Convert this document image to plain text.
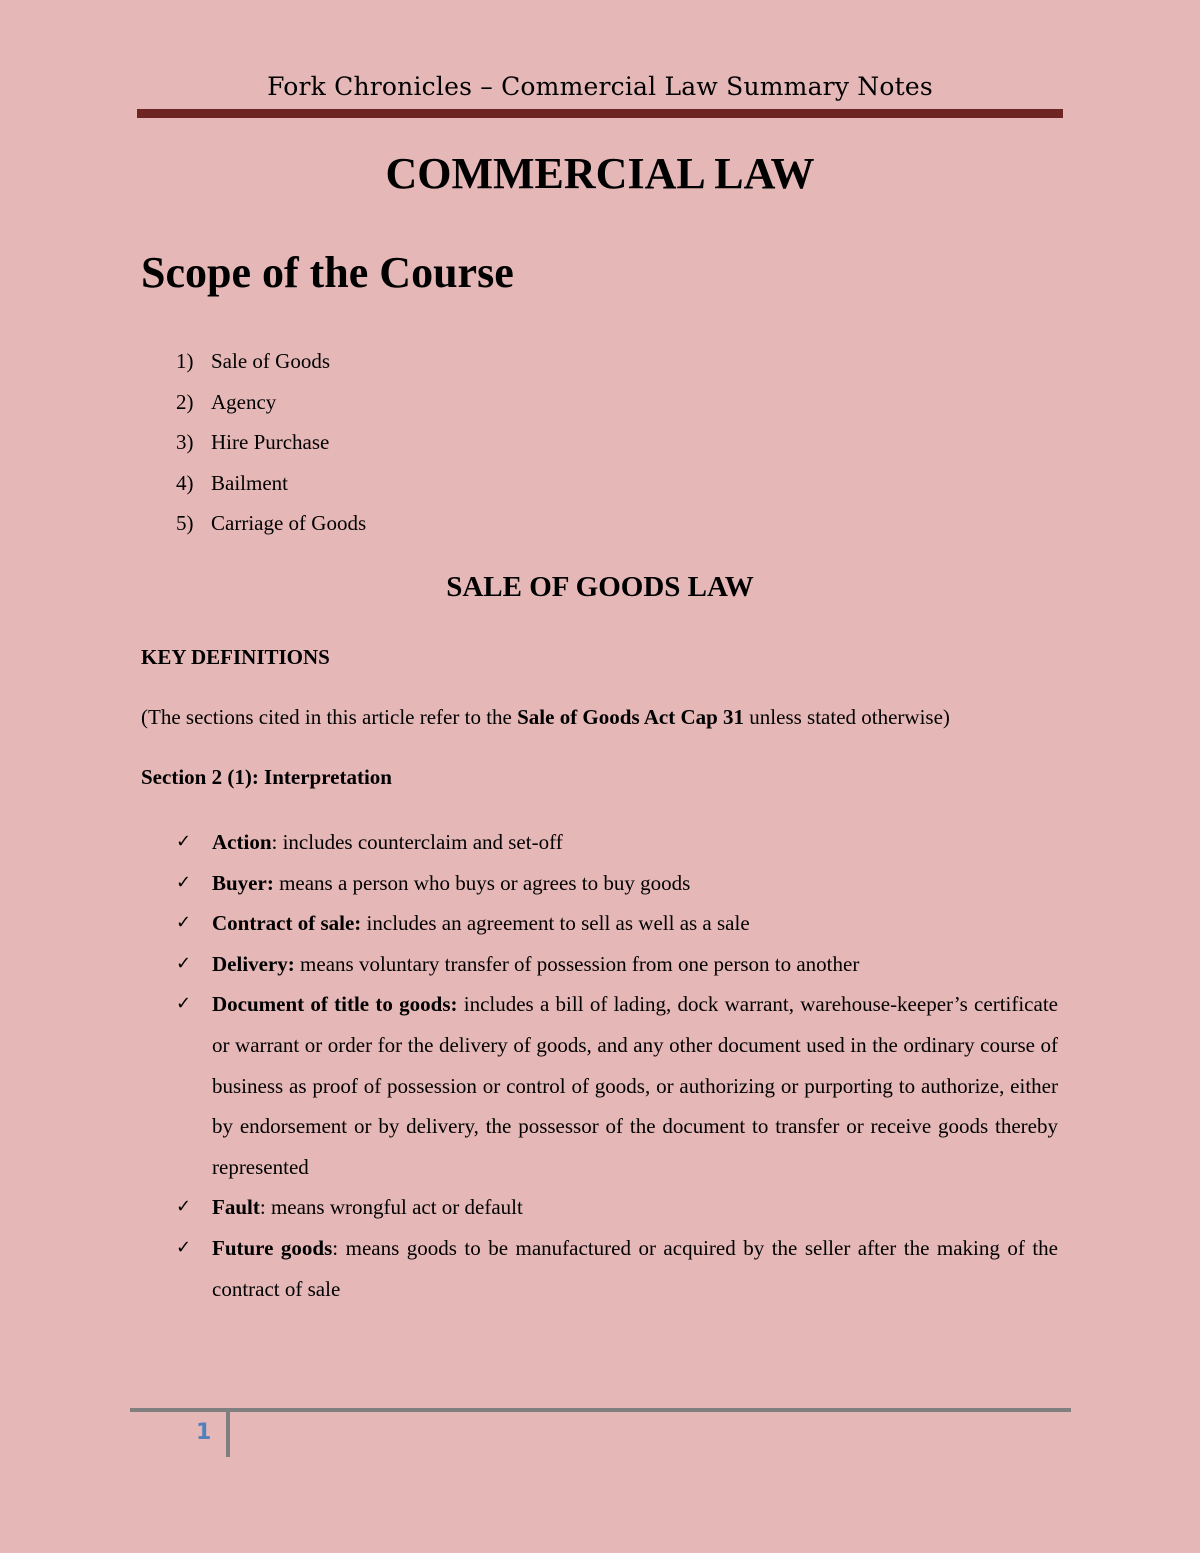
Fork Chronicles – Commercial Law Summary Notes
COMMERCIAL LAW
Scope of the Course
1) Sale of Goods
2) Agency
3) Hire Purchase
4) Bailment
5) Carriage of Goods
SALE OF GOODS LAW

KEY DEFINITIONS

(The sections cited in this article refer to the Sale of Goods Act Cap 31 unless stated otherwise)

Section 2 (1): Interpretation

✓ Action: includes counterclaim and set-off
✓ Buyer: means a person who buys or agrees to buy goods
✓ Contract of sale: includes an agreement to sell as well as a sale
✓ Delivery: means voluntary transfer of possession from one person to another
✓ Document of title to goods: includes a bill of lading, dock warrant, warehouse-keeper’s certificate or warrant or order for the delivery of goods, and any other document used in the ordinary course of business as proof of possession or control of goods, or authorizing or purporting to authorize, either by endorsement or by delivery, the possessor of the document to transfer or receive goods thereby represented
✓ Fault: means wrongful act or default
✓ Future goods: means goods to be manufactured or acquired by the seller after the making of the contract of sale
1
